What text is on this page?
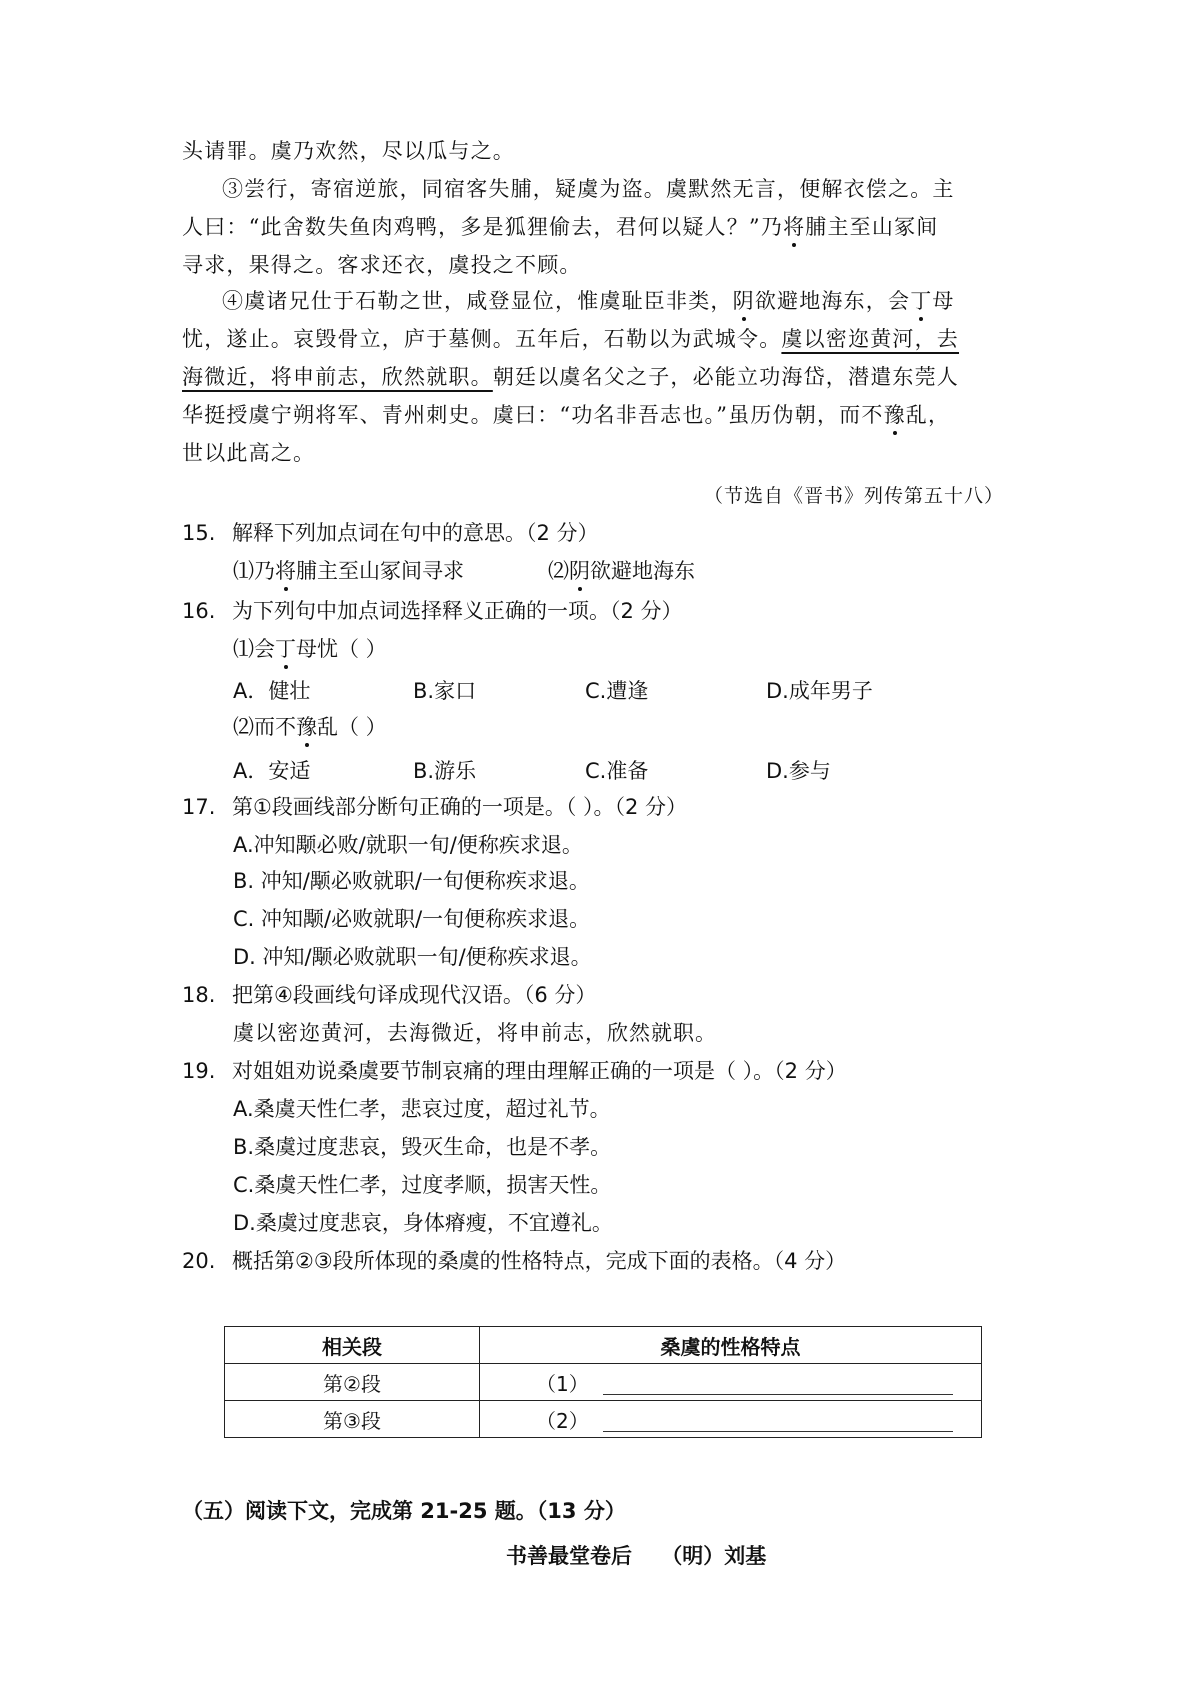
头请罪。虞乃欢然，尽以瓜与之。
③尝行，寄宿逆旅，同宿客失脯，疑虞为盗。虞默然无言，便解衣偿之。主
人曰：“此舍数失鱼肉鸡鸭，多是狐狸偷去，君何以疑人？”乃将脯主至山冢间
寻求，果得之。客求还衣，虞投之不顾。
④虞诸兄仕于石勒之世，咸登显位，惟虞耻臣非类，阴欲避地海东，会丁母
忧，遂止。哀毁骨立，庐于墓侧。五年后，石勒以为武城令。虞以密迩黄河，去
海微近，将申前志，欣然就职。朝廷以虞名父之子，必能立功海岱，潜遣东莞人
华挺授虞宁朔将军、青州刺史。虞曰：“功名非吾志也。”虽历伪朝，而不豫乱，
世以此高之。
（节选自《晋书》列传第五十八）
15. 解释下列加点词在句中的意思。（2 分）
⑴乃将脯主至山冢间寻求	⑵阴欲避地海东
16. 为下列句中加点词选择释义正确的一项。（2 分）
⑴会丁母忧（ ）
A．健壮	B.家口	C.遭逢	D.成年男子
⑵而不豫乱（ ）
A．安适	B.游乐	C.准备	D.参与
17. 第①段画线部分断句正确的一项是。（ ）。（2 分）
A.冲知颙必败/就职一旬/便称疾求退。
B. 冲知/颙必败就职/一旬便称疾求退。
C. 冲知颙/必败就职/一旬便称疾求退。
D. 冲知/颙必败就职一旬/便称疾求退。
18. 把第④段画线句译成现代汉语。（6 分）
虞以密迩黄河，去海微近，将申前志，欣然就职。
19. 对姐姐劝说桑虞要节制哀痛的理由理解正确的一项是（ ）。（2 分）
A.桑虞天性仁孝，悲哀过度，超过礼节。
B.桑虞过度悲哀，毁灭生命，也是不孝。
C.桑虞天性仁孝，过度孝顺，损害天性。
D.桑虞过度悲哀，身体瘠瘦，不宜遵礼。
20. 概括第②③段所体现的桑虞的性格特点，完成下面的表格。（4 分）
相关段	桑虞的性格特点
第②段	（1）
第③段	（2）
（五）阅读下文，完成第 21-25 题。（13 分）
书善最堂卷后    （明）刘基
